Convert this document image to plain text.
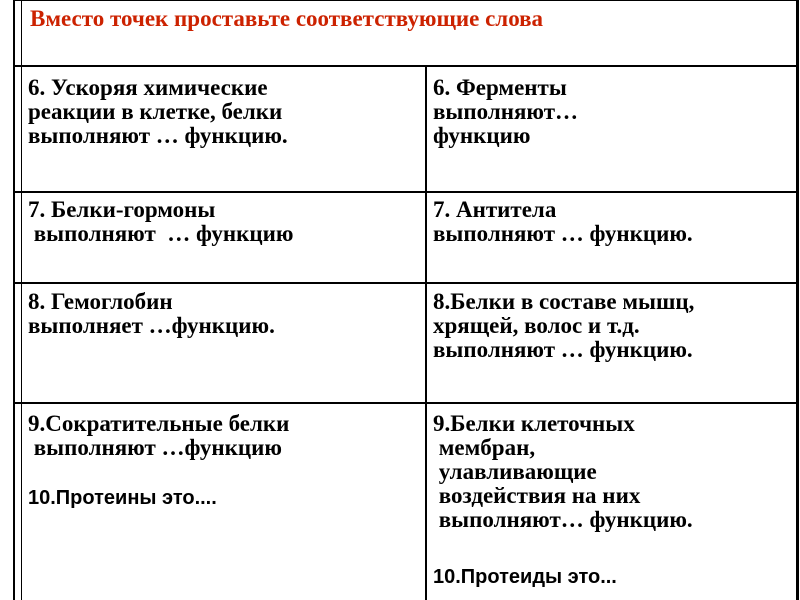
Вместо точек проставьте соответствующие слова
6. Ускоряя химические
реакции в клетке, белки
выполняют … функцию.
6. Ферменты
выполняют…
функцию
7. Белки-гормоны
выполняют  … функцию
7. Антитела
выполняют … функцию.
8. Гемоглобин
выполняет …функцию.
8.Белки в составе мышц,
хрящей, волос и т.д.
выполняют … функцию.
9.Сократительные белки
выполняют …функцию
9.Белки клеточных
мембран,
улавливающие
воздействия на них
выполняют… функцию.
10.Протеины это....
10.Протеиды это...
